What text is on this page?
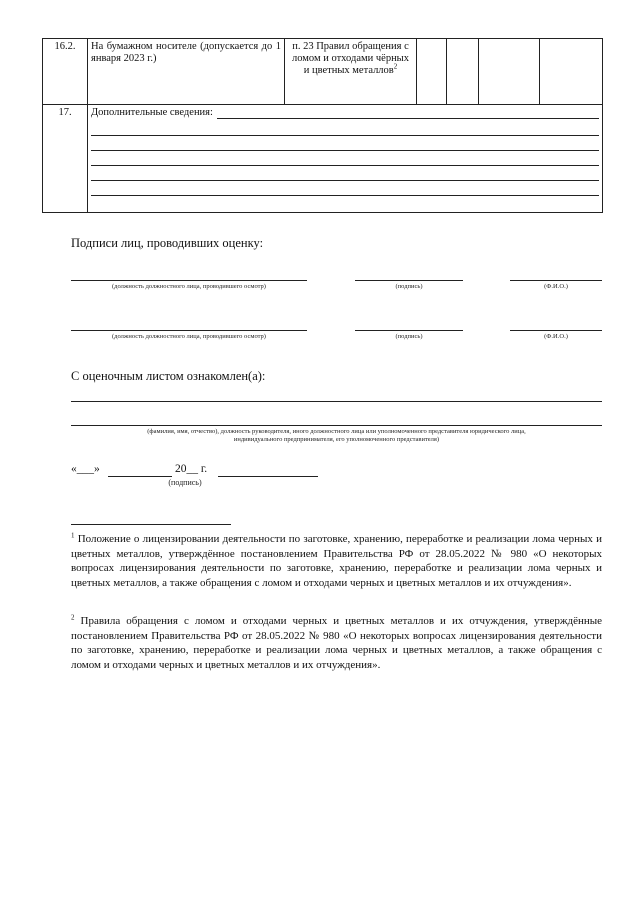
16.2.	На бумажном носителе (допускается до 1 января 2023 г.)	п. 23 Правил обращения с ломом и отходами чёрных и цветных металлов$^2$				
17.	Дополнительные сведения:					
Подписи лиц, проводивших оценку:
(должность должностного лица, проводившего осмотр)	(подпись)	(Ф.И.О.)
(должность должностного лица, проводившего осмотр)	(подпись)	(Ф.И.О.)
С оценочным листом ознакомлен(а):
(фамилия, имя, отчество), должность руководителя, иного должностного лица или уполномоченного представителя юридического лица,
индивидуального предпринимателя, его уполномоченного представителя)
«___»	20__ г.
(подпись)
$^1$ Положение о лицензировании деятельности по заготовке, хранению, переработке и реализации лома черных и цветных металлов, утверждённое постановлением Правительства РФ от 28.05.2022 № 980 «О некоторых вопросах лицензирования деятельности по заготовке, хранению, переработке и реализации лома черных и цветных металлов, а также обращения с ломом и отходами черных и цветных металлов и их отчуждения».
$^2$ Правила обращения с ломом и отходами черных и цветных металлов и их отчуждения, утверждённые постановлением Правительства РФ от 28.05.2022 № 980 «О некоторых вопросах лицензирования деятельности по заготовке, хранению, переработке и реализации лома черных и цветных металлов, а также обращения с ломом и отходами черных и цветных металлов и их отчуждения».
